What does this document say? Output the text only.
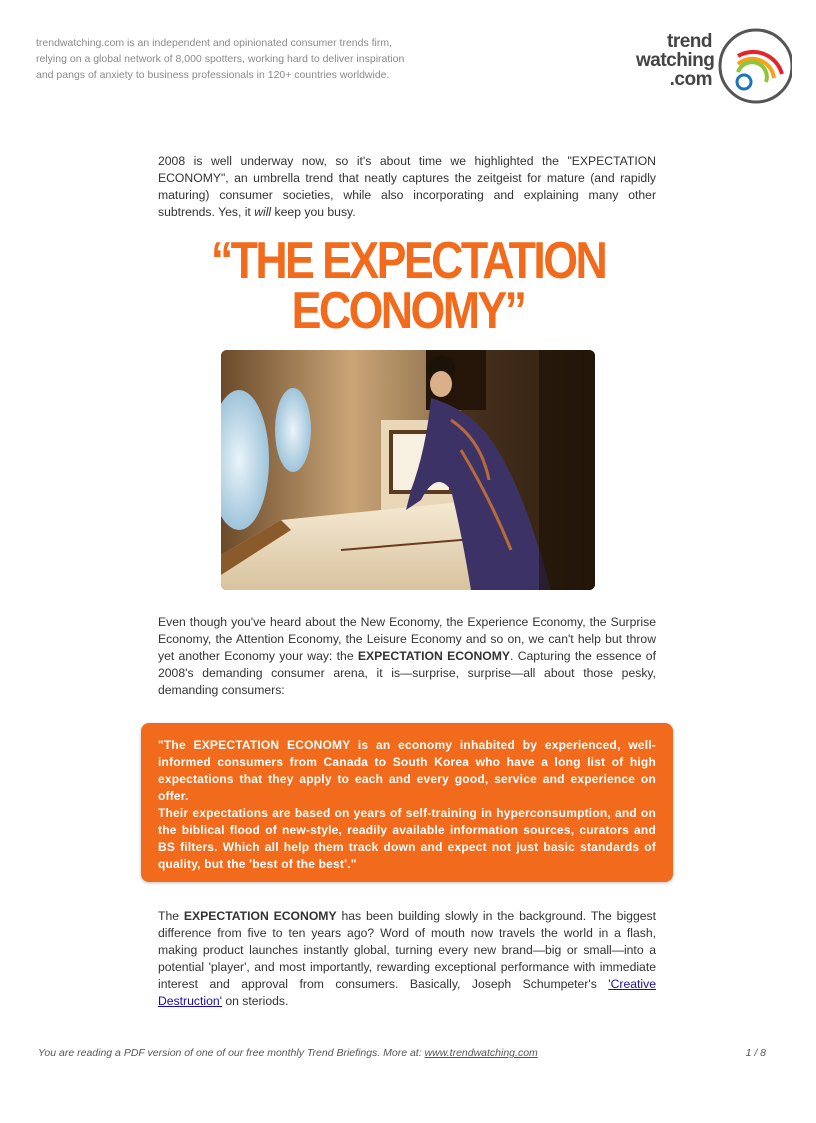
trendwatching.com is an independent and opinionated consumer trends firm,
relying on a global network of 8,000 spotters, working hard to deliver inspiration
and pangs of anxiety to business professionals in 120+ countries worldwide.
trend
watching
.com
2008 is well underway now, so it's about time we highlighted the "EXPECTATION ECONOMY", an umbrella trend that neatly captures the zeitgeist for mature (and rapidly maturing) consumer societies, while also incorporating and explaining many other subtrends. Yes, it will keep you busy.
“THE EXPECTATION
ECONOMY”
Even though you've heard about the New Economy, the Experience Economy, the Surprise Economy, the Attention Economy, the Leisure Economy and so on, we can't help but throw yet another Economy your way: the EXPECTATION ECONOMY. Capturing the essence of 2008's demanding consumer arena, it is—surprise, surprise—all about those pesky, demanding consumers:

"The EXPECTATION ECONOMY is an economy inhabited by experienced, well-informed consumers from Canada to South Korea who have a long list of high expectations that they apply to each and every good, service and experience on offer.

Their expectations are based on years of self-training in hyperconsumption, and on the biblical flood of new-style, readily available information sources, curators and BS filters. Which all help them track down and expect not just basic standards of quality, but the 'best of the best'."

The EXPECTATION ECONOMY has been building slowly in the background. The biggest difference from five to ten years ago? Word of mouth now travels the world in a flash, making product launches instantly global, turning every new brand—big or small—into a potential 'player', and most importantly, rewarding exceptional performance with immediate interest and approval from consumers. Basically, Joseph Schumpeter's 'Creative Destruction' on steriods.
You are reading a PDF version of one of our free monthly Trend Briefings. More at: www.trendwatching.com	1 / 8
